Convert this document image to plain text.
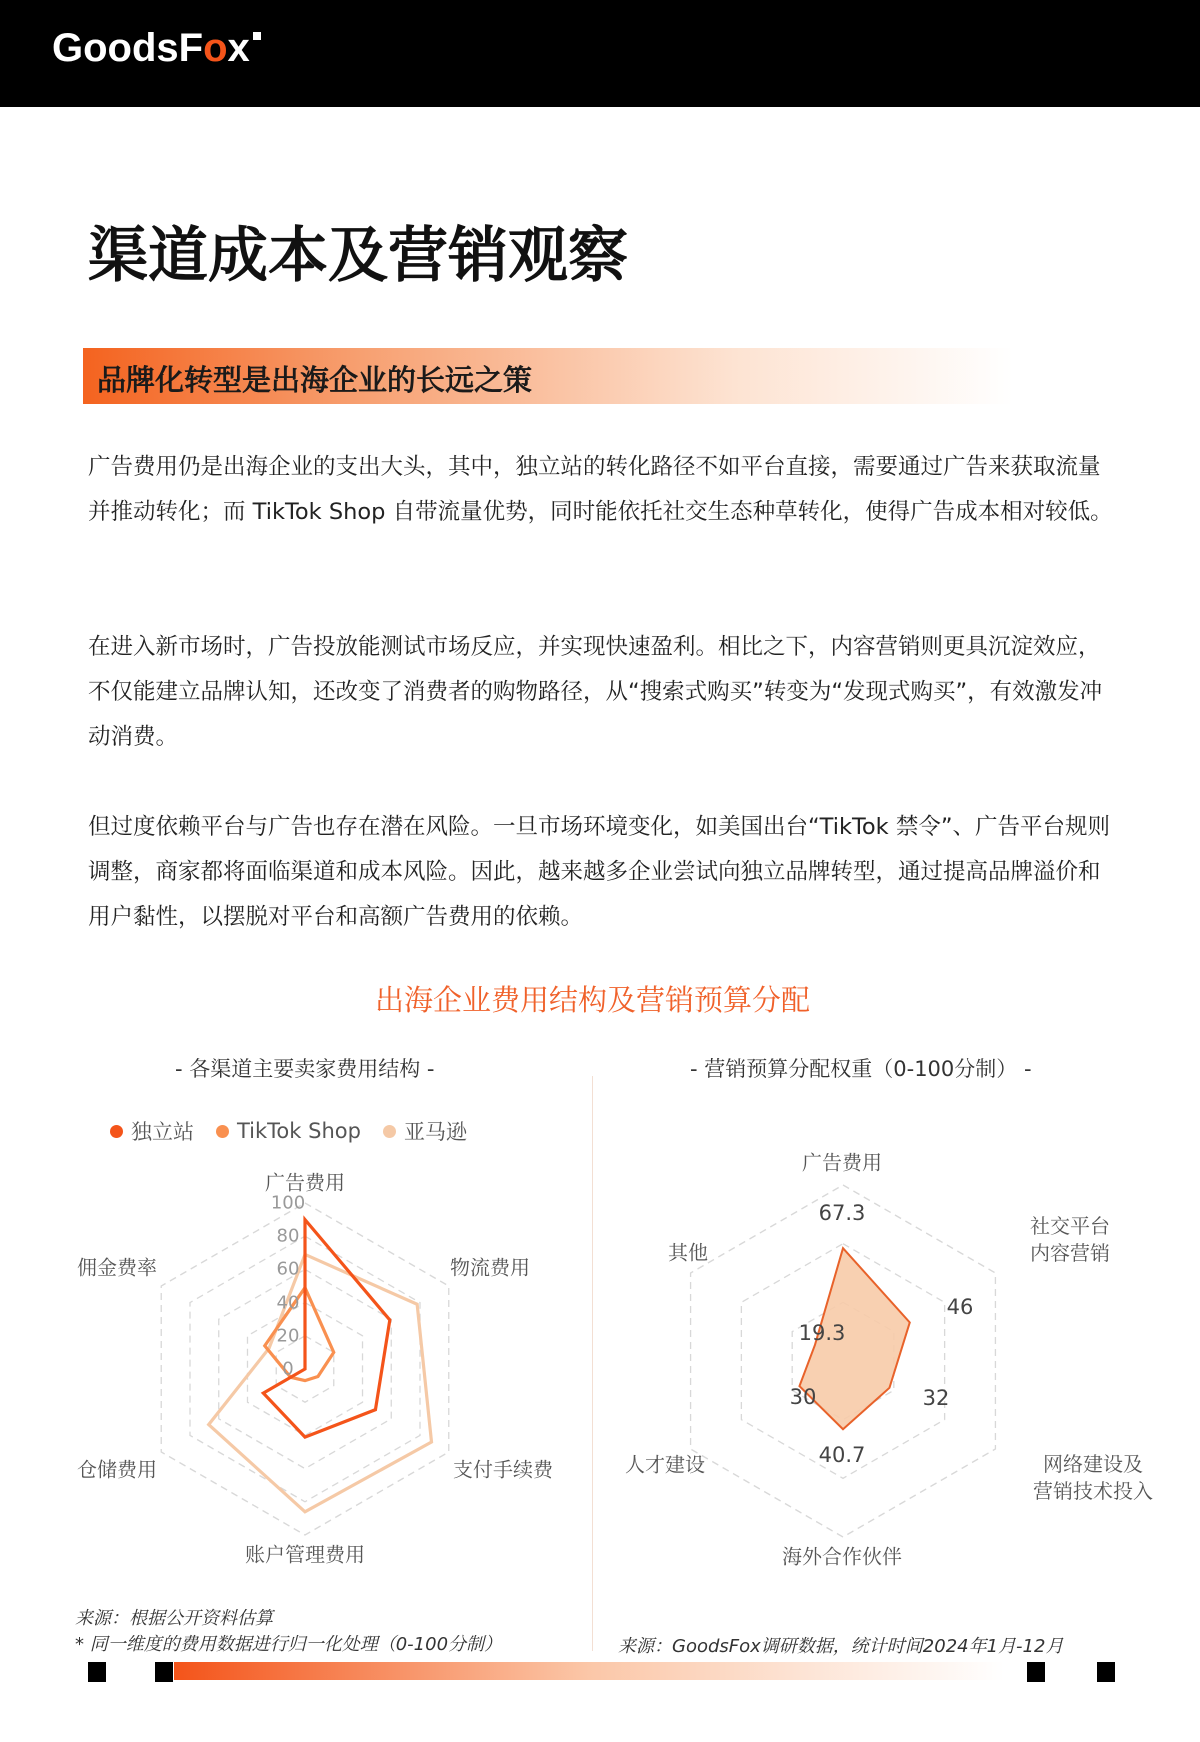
GoodsFox
渠道成本及营销观察
品牌化转型是出海企业的长远之策

广告费用仍是出海企业的支出大头，其中，独立站的转化路径不如平台直接，需要通过广告来获取流量并推动转化；而 TikTok Shop 自带流量优势，同时能依托社交生态种草转化，使得广告成本相对较低。

在进入新市场时，广告投放能测试市场反应，并实现快速盈利。相比之下，内容营销则更具沉淀效应，不仅能建立品牌认知，还改变了消费者的购物路径，从“搜索式购买”转变为“发现式购买”，有效激发冲动消费。

但过度依赖平台与广告也存在潜在风险。一旦市场环境变化，如美国出台“TikTok 禁令”、广告平台规则调整，商家都将面临渠道和成本风险。因此，越来越多企业尝试向独立品牌转型，通过提高品牌溢价和用户黏性，以摆脱对平台和高额广告费用的依赖。

出海企业费用结构及营销预算分配
- 各渠道主要卖家费用结构 -	- 营销预算分配权重（0-100分制） -
独立站 TikTok Shop 亚马逊
广告费用
物流费用
支付手续费
账户管理费用
仓储费用
佣金费率
0
20
40
60
80
100
广告费用
社交平台
内容营销
网络建设及
营销技术投入
海外合作伙伴
人才建设
其他
67.3
46
32
40.7
30
19.3
来源：根据公开资料估算
* 同一维度的费用数据进行归一化处理（0-100分制）	来源：GoodsFox调研数据，统计时间2024年1月-12月
